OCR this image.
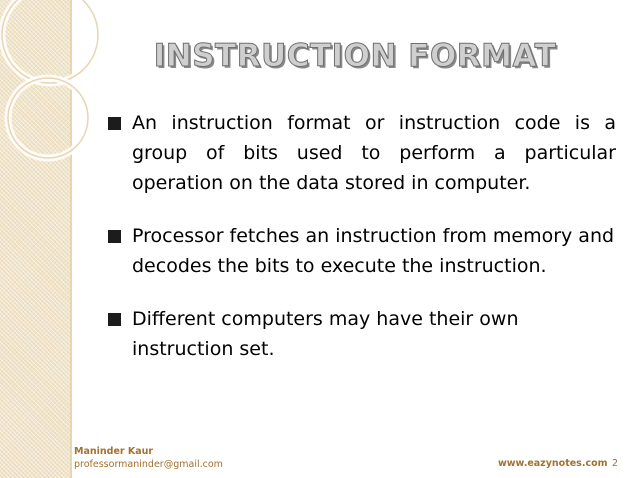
INSTRUCTION FORMAT
An instruction format or instruction code is a group of bits used to perform a particular operation on the data stored in computer.
Processor fetches an instruction from memory and decodes the bits to execute the instruction.
Different computers may have their own instruction set.
Maninder Kaur
professormaninder@gmail.com	www.eazynotes.com 2
